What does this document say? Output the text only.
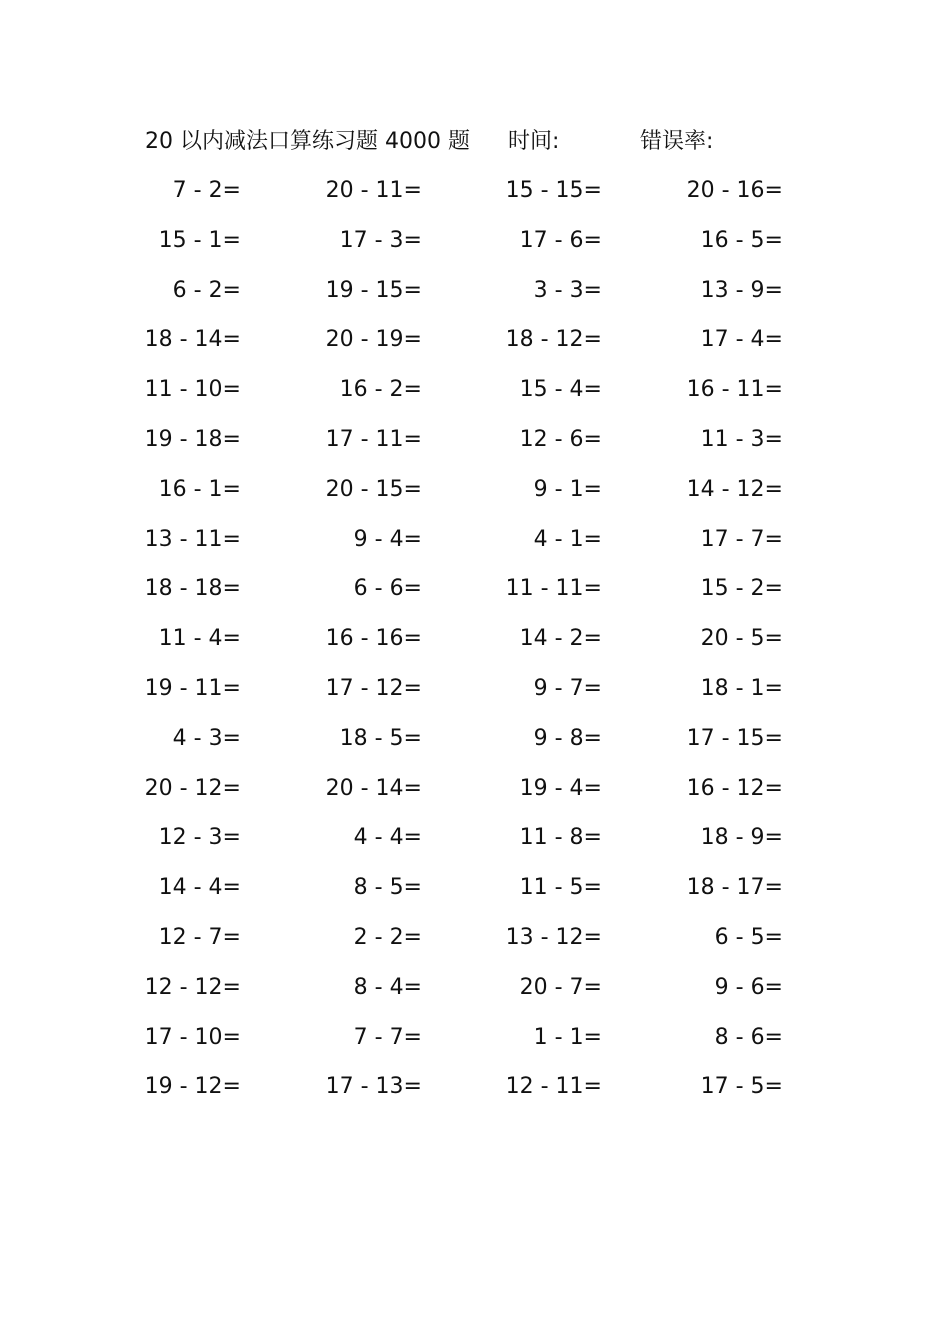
20 以内减法口算练习题 4000 题 时间:	错误率:
7 - 2=	20 - 11=	15 - 15=	20 - 16=
15 - 1=	17 - 3=	17 - 6=	16 - 5=
6 - 2=	19 - 15=	3 - 3=	13 - 9=
18 - 14=	20 - 19=	18 - 12=	17 - 4=
11 - 10=	16 - 2=	15 - 4=	16 - 11=
19 - 18=	17 - 11=	12 - 6=	11 - 3=
16 - 1=	20 - 15=	9 - 1=	14 - 12=
13 - 11=	9 - 4=	4 - 1=	17 - 7=
18 - 18=	6 - 6=	11 - 11=	15 - 2=
11 - 4=	16 - 16=	14 - 2=	20 - 5=
19 - 11=	17 - 12=	9 - 7=	18 - 1=
4 - 3=	18 - 5=	9 - 8=	17 - 15=
20 - 12=	20 - 14=	19 - 4=	16 - 12=
12 - 3=	4 - 4=	11 - 8=	18 - 9=
14 - 4=	8 - 5=	11 - 5=	18 - 17=
12 - 7=	2 - 2=	13 - 12=	6 - 5=
12 - 12=	8 - 4=	20 - 7=	9 - 6=
17 - 10=	7 - 7=	1 - 1=	8 - 6=
19 - 12=	17 - 13=	12 - 11=	17 - 5=
